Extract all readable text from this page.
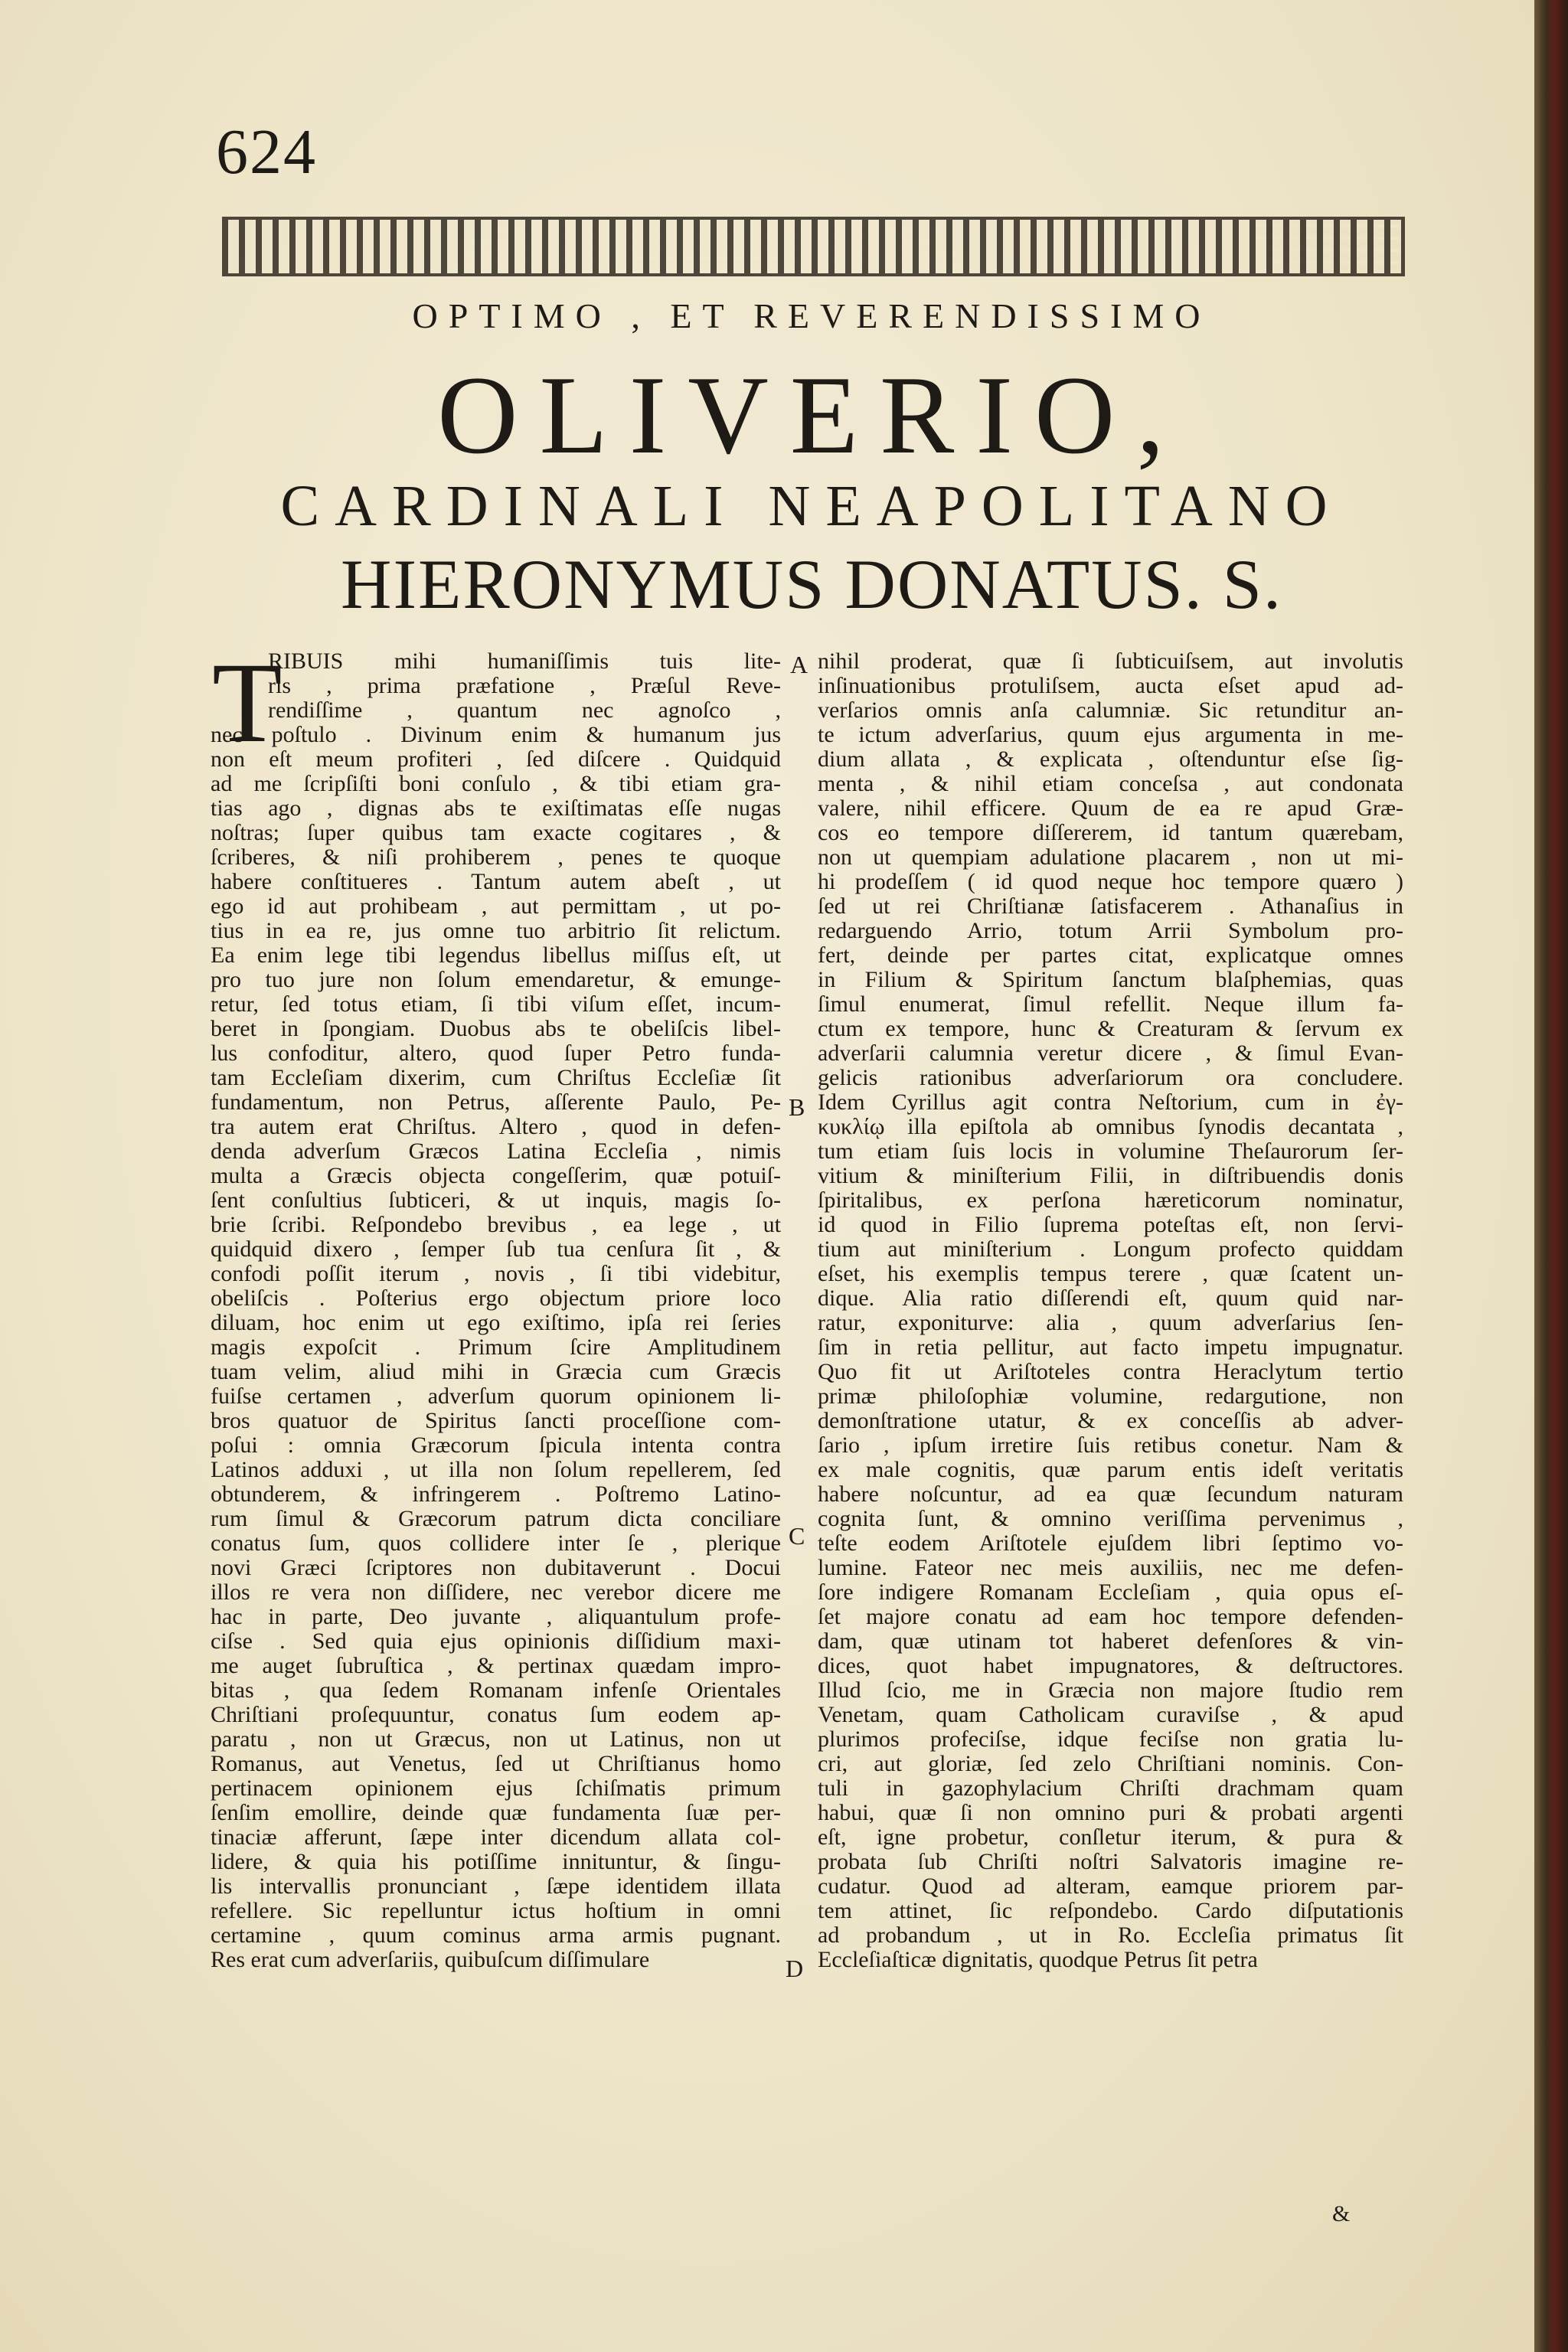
624
OPTIMO , ET REVERENDISSIMO
OLIVERIO,
CARDINALI NEAPOLITANO
HIERONYMUS DONATUS. S.
T
RIBUIS mihi humaniſſimis tuis lite-
ris , prima præfatione , Præſul Reve-
rendiſſime , quantum nec agnoſco ,
nec poſtulo . Divinum enim & humanum jus
non eſt meum profiteri , ſed diſcere . Quidquid
ad me ſcripſiſti boni conſulo , & tibi etiam gra-
tias ago , dignas abs te exiſtimatas eſſe nugas
noſtras; ſuper quibus tam exacte cogitares , &
ſcriberes, & niſi prohiberem , penes te quoque
habere conſtitueres . Tantum autem abeſt , ut
ego id aut prohibeam , aut permittam , ut po-
tius in ea re, jus omne tuo arbitrio ſit relictum.
Ea enim lege tibi legendus libellus miſſus eſt, ut
pro tuo jure non ſolum emendaretur, & emunge-
retur, ſed totus etiam, ſi tibi viſum eſſet, incum-
beret in ſpongiam. Duobus abs te obeliſcis libel-
lus confoditur, altero, quod ſuper Petro funda-
tam Eccleſiam dixerim, cum Chriſtus Eccleſiæ ſit
fundamentum, non Petrus, aſſerente Paulo, Pe-
tra autem erat Chriſtus. Altero , quod in defen-
denda adverſum Græcos Latina Eccleſia , nimis
multa a Græcis objecta congeſſerim, quæ potuiſ-
ſent conſultius ſubticeri, & ut inquis, magis ſo-
brie ſcribi. Reſpondebo brevibus , ea lege , ut
quidquid dixero , ſemper ſub tua cenſura ſit , &
confodi poſſit iterum , novis , ſi tibi videbitur,
obeliſcis . Poſterius ergo objectum priore loco
diluam, hoc enim ut ego exiſtimo, ipſa rei ſeries
magis expoſcit . Primum ſcire Amplitudinem
tuam velim, aliud mihi in Græcia cum Græcis
fuiſse certamen , adverſum quorum opinionem li-
bros quatuor de Spiritus ſancti proceſſione com-
poſui : omnia Græcorum ſpicula intenta contra
Latinos adduxi , ut illa non ſolum repellerem, ſed
obtunderem, & infringerem . Poſtremo Latino-
rum ſimul & Græcorum patrum dicta conciliare
conatus ſum, quos collidere inter ſe , plerique
novi Græci ſcriptores non dubitaverunt . Docui
illos re vera non diſſidere, nec verebor dicere me
hac in parte, Deo juvante , aliquantulum profe-
ciſse . Sed quia ejus opinionis diſſidium maxi-
me auget ſubruſtica , & pertinax quædam impro-
bitas , qua ſedem Romanam infenſe Orientales
Chriſtiani proſequuntur, conatus ſum eodem ap-
paratu , non ut Græcus, non ut Latinus, non ut
Romanus, aut Venetus, ſed ut Chriſtianus homo
pertinacem opinionem ejus ſchiſmatis primum
ſenſim emollire, deinde quæ fundamenta ſuæ per-
tinaciæ afferunt, ſæpe inter dicendum allata col-
lidere, & quia his potiſſime innituntur, & ſingu-
lis intervallis pronunciant , ſæpe identidem illata
refellere. Sic repelluntur ictus hoſtium in omni
certamine , quum cominus arma armis pugnant.
Res erat cum adverſariis, quibuſcum diſſimulare
nihil proderat, quæ ſi ſubticuiſsem, aut involutis
inſinuationibus protuliſsem, aucta eſset apud ad-
verſarios omnis anſa calumniæ. Sic retunditur an-
te ictum adverſarius, quum ejus argumenta in me-
dium allata , & explicata , oſtenduntur eſse ſig-
menta , & nihil etiam conceſsa , aut condonata
valere, nihil efficere. Quum de ea re apud Græ-
cos eo tempore diſſererem, id tantum quærebam,
non ut quempiam adulatione placarem , non ut mi-
hi prodeſſem ( id quod neque hoc tempore quæro )
ſed ut rei Chriſtianæ ſatisfacerem . Athanaſius in
redarguendo Arrio, totum Arrii Symbolum pro-
fert, deinde per partes citat, explicatque omnes
in Filium & Spiritum ſanctum blaſphemias, quas
ſimul enumerat, ſimul refellit. Neque illum fa-
ctum ex tempore, hunc & Creaturam & ſervum ex
adverſarii calumnia veretur dicere , & ſimul Evan-
gelicis rationibus adverſariorum ora concludere.
Idem Cyrillus agit contra Neſtorium, cum in ἐγ-
κυκλίῳ illa epiſtola ab omnibus ſynodis decantata ,
tum etiam ſuis locis in volumine Theſaurorum ſer-
vitium & miniſterium Filii, in diſtribuendis donis
ſpiritalibus, ex perſona hæreticorum nominatur,
id quod in Filio ſuprema poteſtas eſt, non ſervi-
tium aut miniſterium . Longum profecto quiddam
eſset, his exemplis tempus terere , quæ ſcatent un-
dique. Alia ratio diſſerendi eſt, quum quid nar-
ratur, exponiturve: alia , quum adverſarius ſen-
ſim in retia pellitur, aut facto impetu impugnatur.
Quo fit ut Ariſtoteles contra Heraclytum tertio
primæ philoſophiæ volumine, redargutione, non
demonſtratione utatur, & ex conceſſis ab adver-
ſario , ipſum irretire ſuis retibus conetur. Nam &
ex male cognitis, quæ parum entis ideſt veritatis
habere noſcuntur, ad ea quæ ſecundum naturam
cognita ſunt, & omnino veriſſima pervenimus ,
teſte eodem Ariſtotele ejuſdem libri ſeptimo vo-
lumine. Fateor nec meis auxiliis, nec me defen-
ſore indigere Romanam Eccleſiam , quia opus eſ-
ſet majore conatu ad eam hoc tempore defenden-
dam, quæ utinam tot haberet defenſores & vin-
dices, quot habet impugnatores, & deſtructores.
Illud ſcio, me in Græcia non majore ſtudio rem
Venetam, quam Catholicam curaviſse , & apud
plurimos profeciſse, idque feciſse non gratia lu-
cri, aut gloriæ, ſed zelo Chriſtiani nominis. Con-
tuli in gazophylacium Chriſti drachmam quam
habui, quæ ſi non omnino puri & probati argenti
eſt, igne probetur, conſletur iterum, & pura &
probata ſub Chriſti noſtri Salvatoris imagine re-
cudatur. Quod ad alteram, eamque priorem par-
tem attinet, ſic reſpondebo. Cardo diſputationis
ad probandum , ut in Ro. Eccleſia primatus ſit
Eccleſiaſticæ dignitatis, quodque Petrus ſit petra
A
B
C
D
&
